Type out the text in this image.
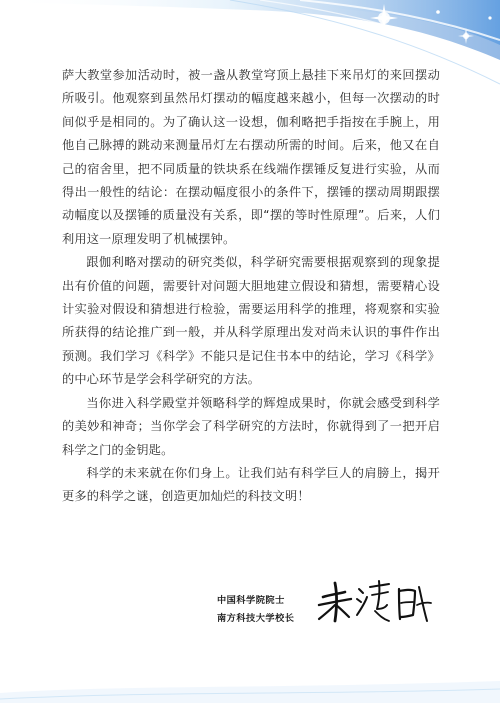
萨大教堂参加活动时，被一盏从教堂穹顶上悬挂下来吊灯的来回摆动所吸引。他观察到虽然吊灯摆动的幅度越来越小，但每一次摆动的时间似乎是相同的。为了确认这一设想，伽利略把手指按在手腕上，用他自己脉搏的跳动来测量吊灯左右摆动所需的时间。后来，他又在自己的宿舍里，把不同质量的铁块系在线端作摆锤反复进行实验，从而得出一般性的结论：在摆动幅度很小的条件下，摆锤的摆动周期跟摆动幅度以及摆锤的质量没有关系，即“摆的等时性原理”。后来，人们利用这一原理发明了机械摆钟。

跟伽利略对摆动的研究类似，科学研究需要根据观察到的现象提出有价值的问题，需要针对问题大胆地建立假设和猜想，需要精心设计实验对假设和猜想进行检验，需要运用科学的推理，将观察和实验所获得的结论推广到一般，并从科学原理出发对尚未认识的事件作出预测。我们学习《科学》不能只是记住书本中的结论，学习《科学》的中心环节是学会科学研究的方法。

当你进入科学殿堂并领略科学的辉煌成果时，你就会感受到科学的美妙和神奇；当你学会了科学研究的方法时，你就得到了一把开启科学之门的金钥匙。

科学的未来就在你们身上。让我们站有科学巨人的肩膀上，揭开更多的科学之谜，创造更加灿烂的科技文明！

中国科学院院士
南方科技大学校长
